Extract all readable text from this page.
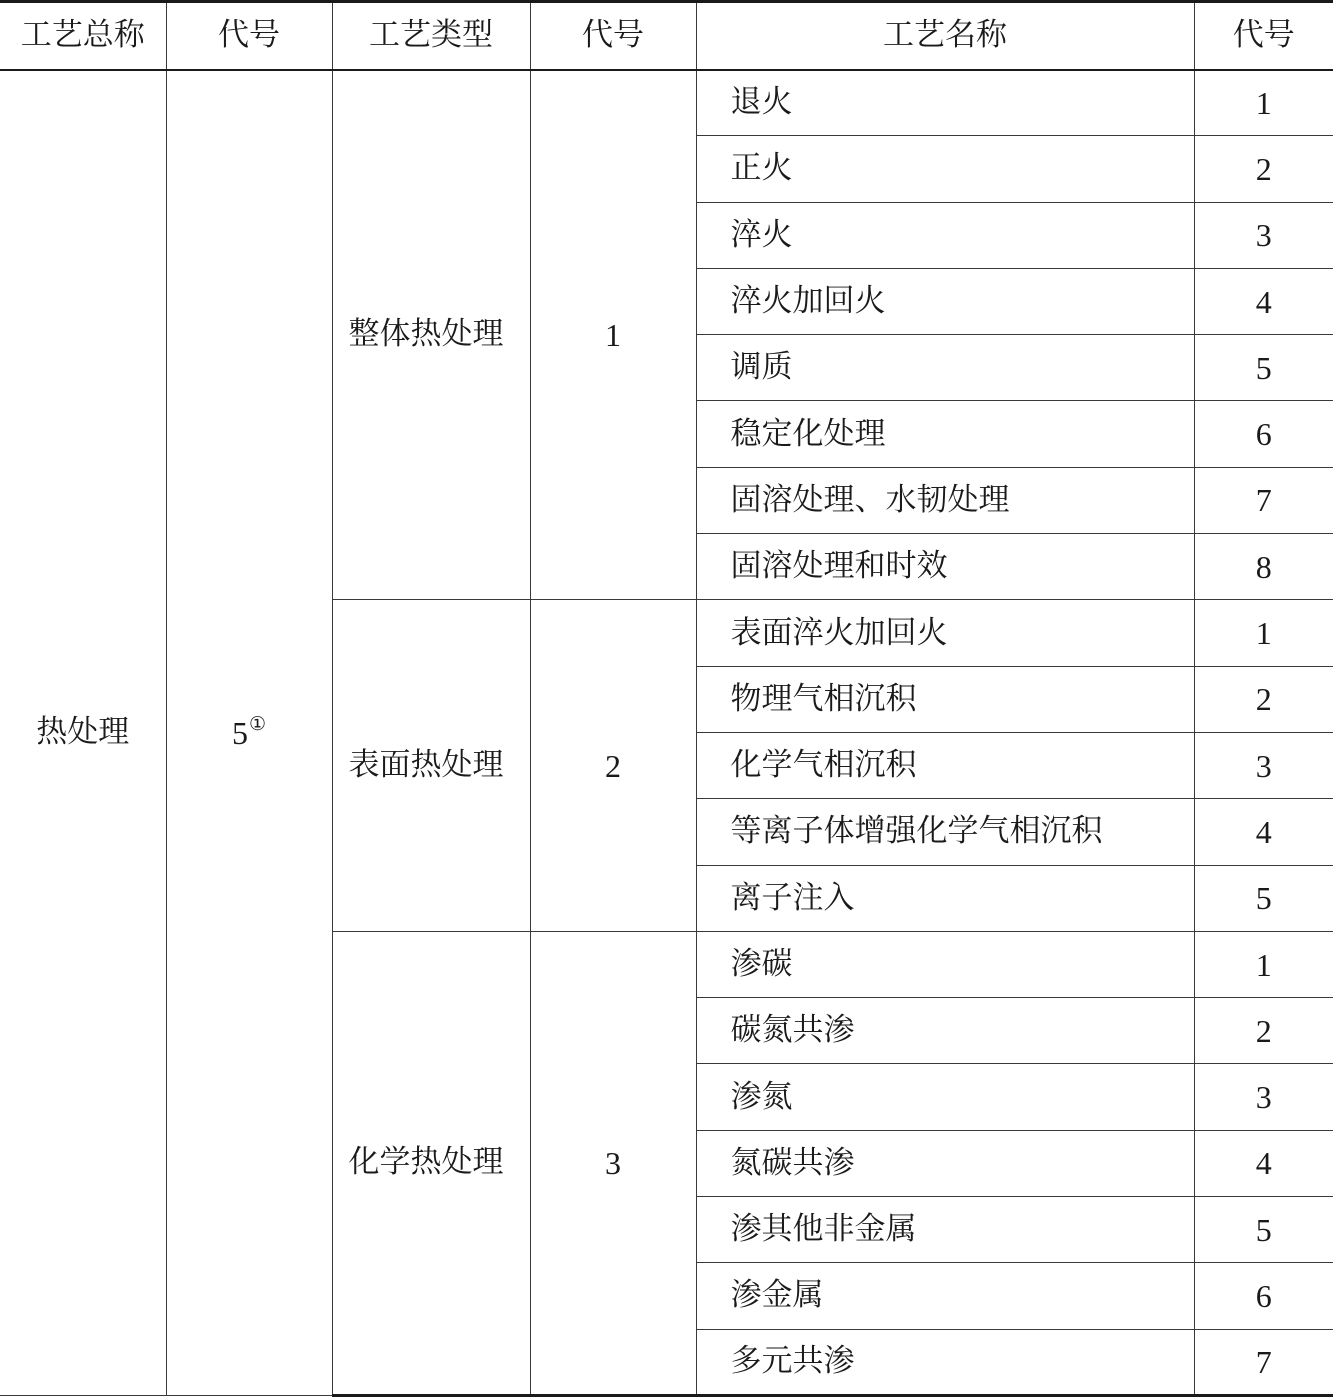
工艺总称	代号	工艺类型	代号	工艺名称	代号
热处理	5①	整体热处理	1	退火	1
				正火	2
				淬火	3
				淬火加回火	4
				调质	5
				稳定化处理	6
				固溶处理、水韧处理	7
				固溶处理和时效	8
		表面热处理	2	表面淬火加回火	1
				物理气相沉积	2
				化学气相沉积	3
				等离子体增强化学气相沉积	4
				离子注入	5
		化学热处理	3	渗碳	1
				碳氮共渗	2
				渗氮	3
				氮碳共渗	4
				渗其他非金属	5
				渗金属	6
				多元共渗	7
